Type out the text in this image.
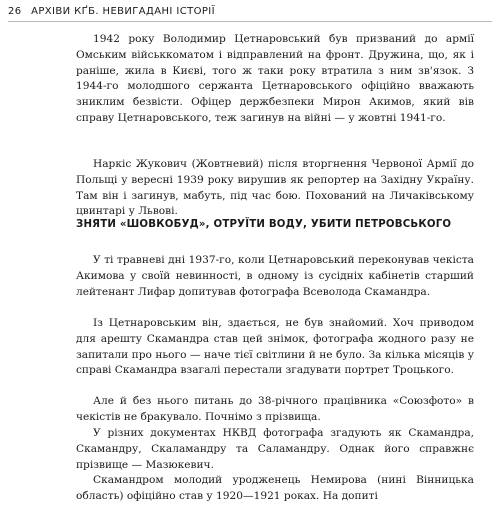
26 АРХІВИ КҐБ. НЕВИГАДАНІ ІСТОРІЇ

1942 року Володимир Цетнаровський був призваний до армії Омським військкоматом і відправлений на фронт. Дружина, що, як і раніше, жила в Києві, того ж таки року втратила з ним зв'язок. З 1944-го молодшого сержанта Цетнаровського офіційно вважають зниклим безвісти. Офіцер держбезпеки Мирон Акимов, який вів справу Цетнаровського, теж загинув на війні — у жовтні 1941-го.

Наркіс Жукович (Жовтневий) після вторгнення Червоної Армії до Польщі у вересні 1939 року вирушив як репортер на Західну Україну. Там він і загинув, мабуть, під час бою. Похований на Личаківському цвинтарі у Львові.

ЗНЯТИ «ШОВКОБУД», ОТРУЇТИ ВОДУ, УБИТИ ПЕТРОВСЬКОГО

У ті травневі дні 1937-го, коли Цетнаровський переконував чекіста Акимова у своїй невинності, в одному із сусідніх кабінетів старший лейтенант Лифар допитував фотографа Всеволода Скамандра.

Із Цетнаровським він, здається, не був знайомий. Хоч приводом для арешту Скамандра став цей знімок, фотографа жодного разу не запитали про нього — наче тієї світлини й не було. За кілька місяців у справі Скамандра взагалі перестали згадувати портрет Троцького.

Але й без нього питань до 38-річного працівника «Союзфото» в чекістів не бракувало. Почнімо з прізвища.

У різних документах НКВД фотографа згадують як Скамандра, Скамандру, Скаламандру та Саламандру. Однак його справжнє прізвище — Мазюкевич.

Скамандром молодий уродженець Немирова (нині Вінницька область) офіційно став у 1920—1921 роках. На допиті
